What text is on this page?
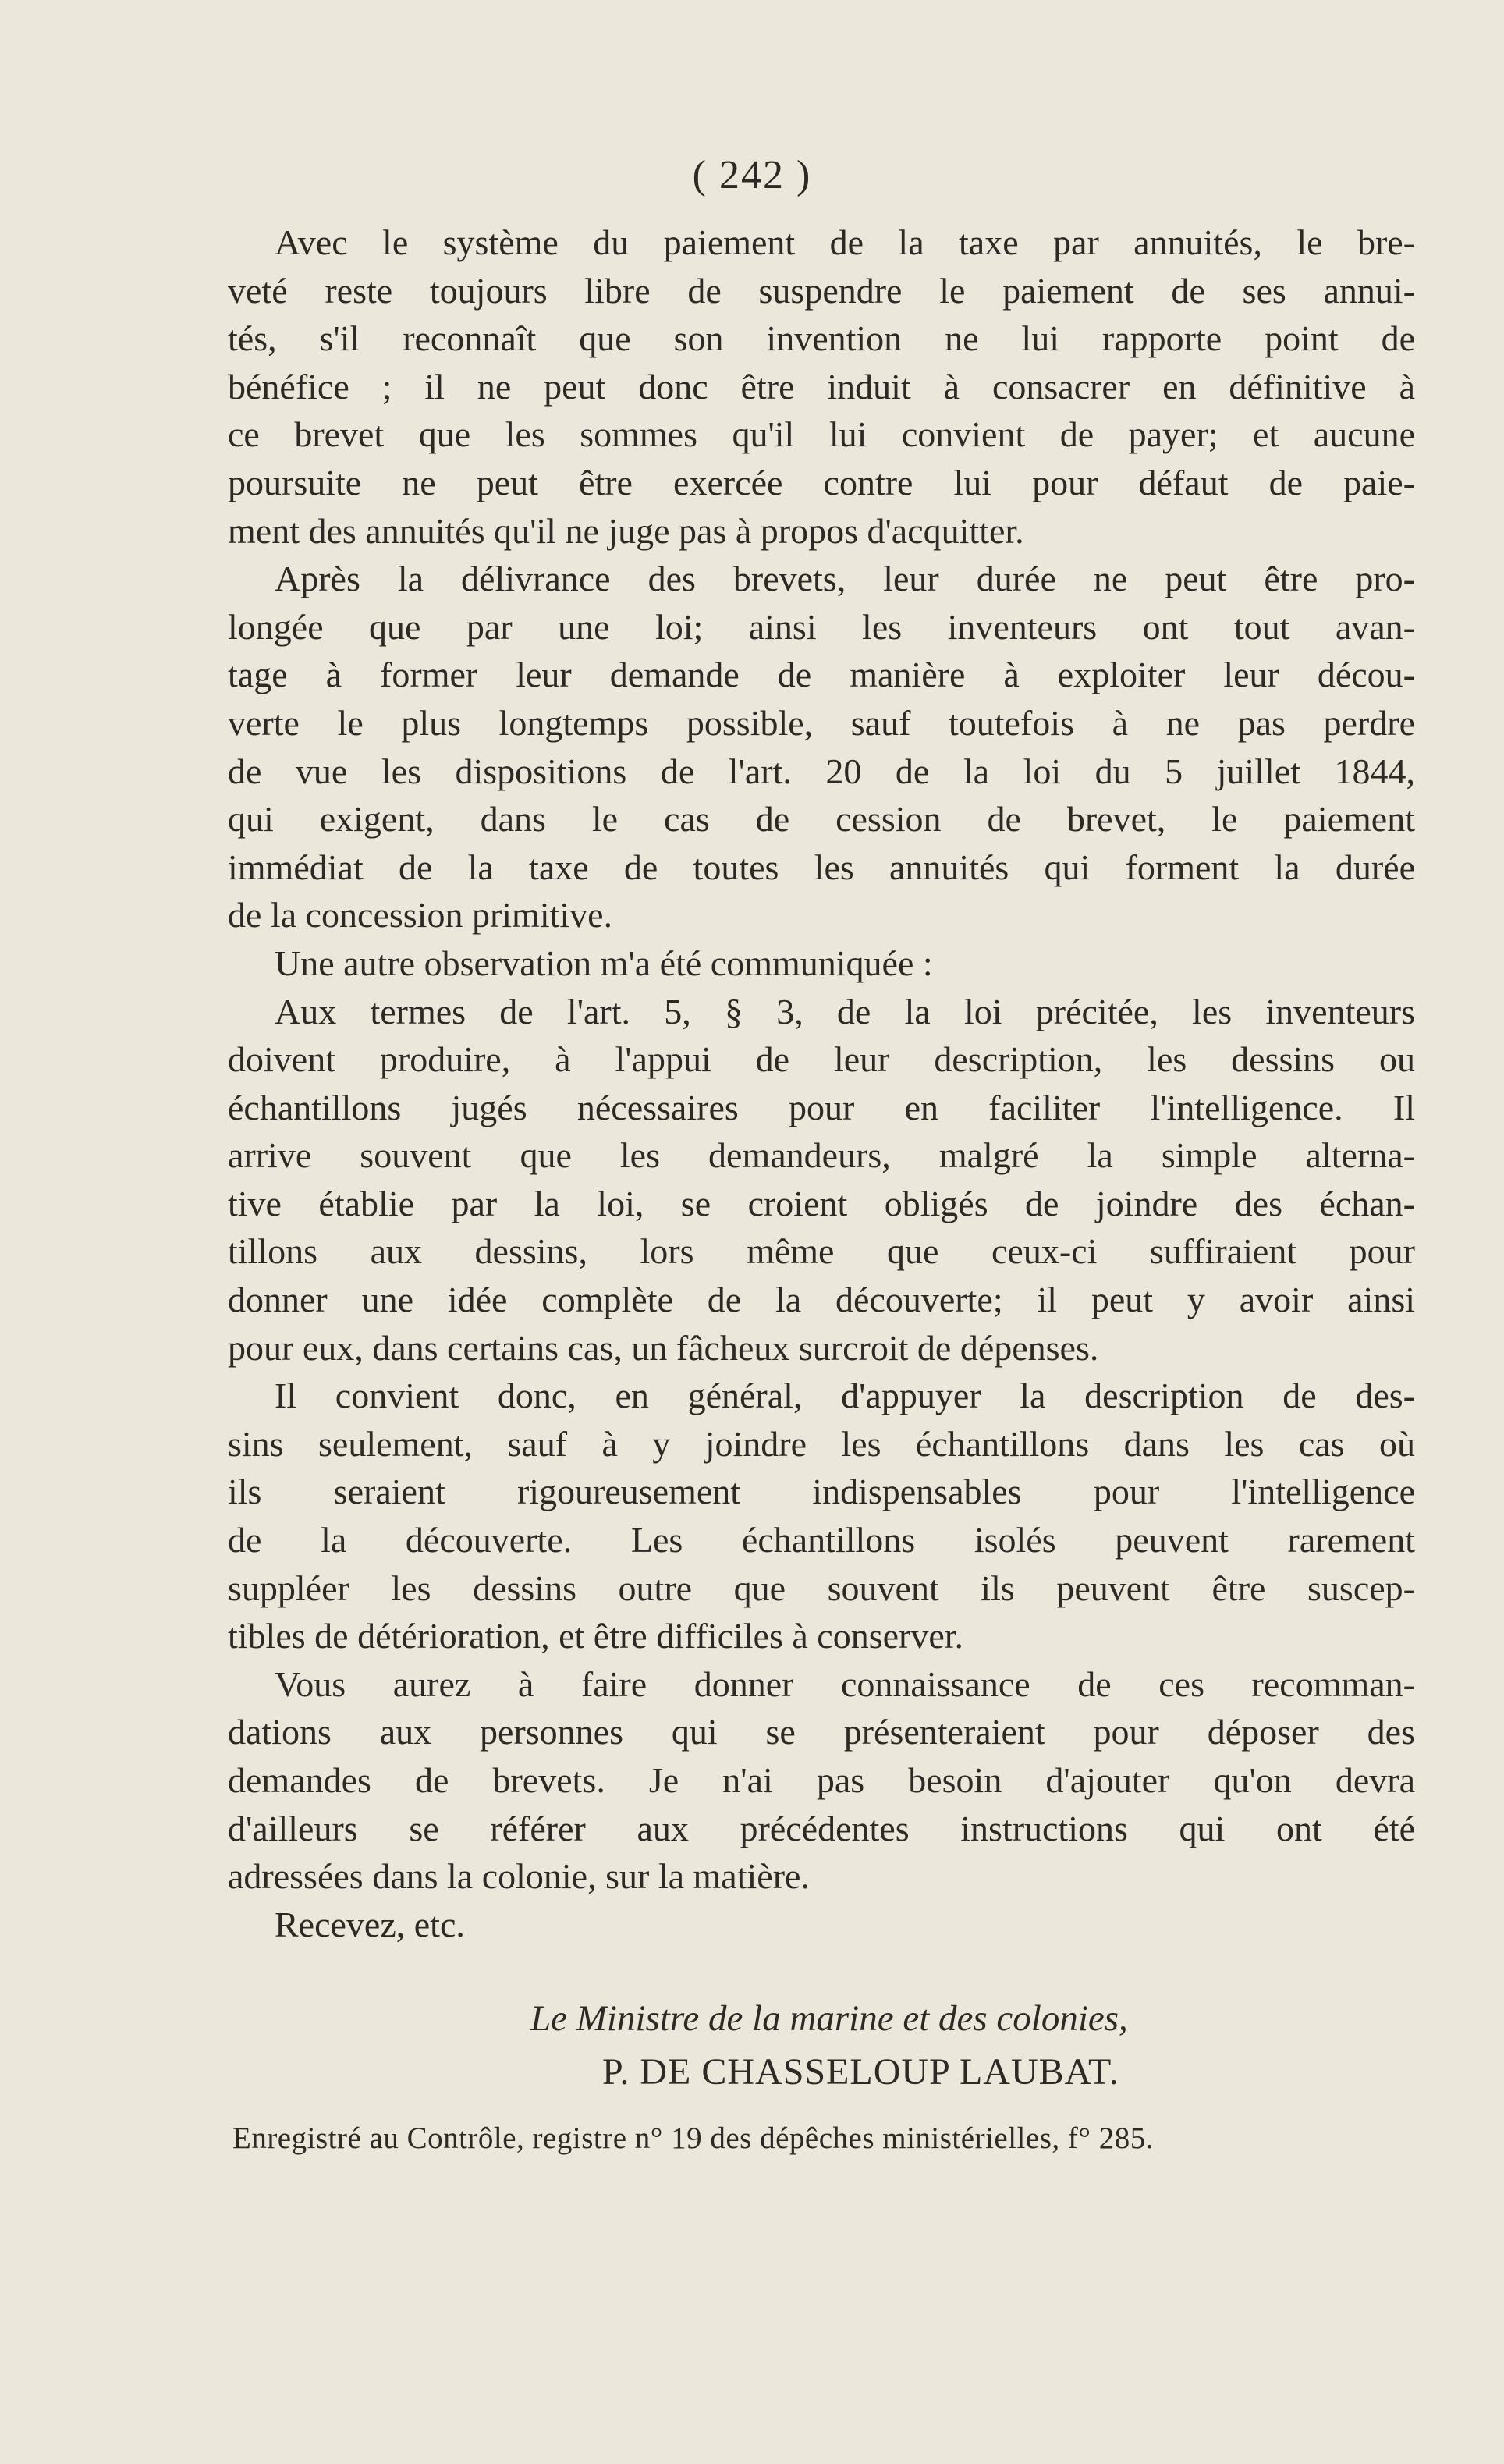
( 242 )
Avec le système du paiement de la taxe par annuités, le bre-
veté reste toujours libre de suspendre le paiement de ses annui-
tés, s'il reconnaît que son invention ne lui rapporte point de
bénéfice ; il ne peut donc être induit à consacrer en définitive à
ce brevet que les sommes qu'il lui convient de payer; et aucune
poursuite ne peut être exercée contre lui pour défaut de paie-
ment des annuités qu'il ne juge pas à propos d'acquitter.
Après la délivrance des brevets, leur durée ne peut être pro-
longée que par une loi; ainsi les inventeurs ont tout avan-
tage à former leur demande de manière à exploiter leur décou-
verte le plus longtemps possible, sauf toutefois à ne pas perdre
de vue les dispositions de l'art. 20 de la loi du 5 juillet 1844,
qui exigent, dans le cas de cession de brevet, le paiement
immédiat de la taxe de toutes les annuités qui forment la durée
de la concession primitive.
Une autre observation m'a été communiquée :
Aux termes de l'art. 5, § 3, de la loi précitée, les inventeurs
doivent produire, à l'appui de leur description, les dessins ou
échantillons jugés nécessaires pour en faciliter l'intelligence. Il
arrive souvent que les demandeurs, malgré la simple alterna-
tive établie par la loi, se croient obligés de joindre des échan-
tillons aux dessins, lors même que ceux-ci suffiraient pour
donner une idée complète de la découverte; il peut y avoir ainsi
pour eux, dans certains cas, un fâcheux surcroit de dépenses.
Il convient donc, en général, d'appuyer la description de des-
sins seulement, sauf à y joindre les échantillons dans les cas où
ils seraient rigoureusement indispensables pour l'intelligence
de la découverte. Les échantillons isolés peuvent rarement
suppléer les dessins outre que souvent ils peuvent être suscep-
tibles de détérioration, et être difficiles à conserver.
Vous aurez à faire donner connaissance de ces recomman-
dations aux personnes qui se présenteraient pour déposer des
demandes de brevets. Je n'ai pas besoin d'ajouter qu'on devra
d'ailleurs se référer aux précédentes instructions qui ont été
adressées dans la colonie, sur la matière.
Recevez, etc.
Le Ministre de la marine et des colonies,
P. DE CHASSELOUP LAUBAT.
Enregistré au Contrôle, registre n° 19 des dépêches ministérielles, f° 285.
